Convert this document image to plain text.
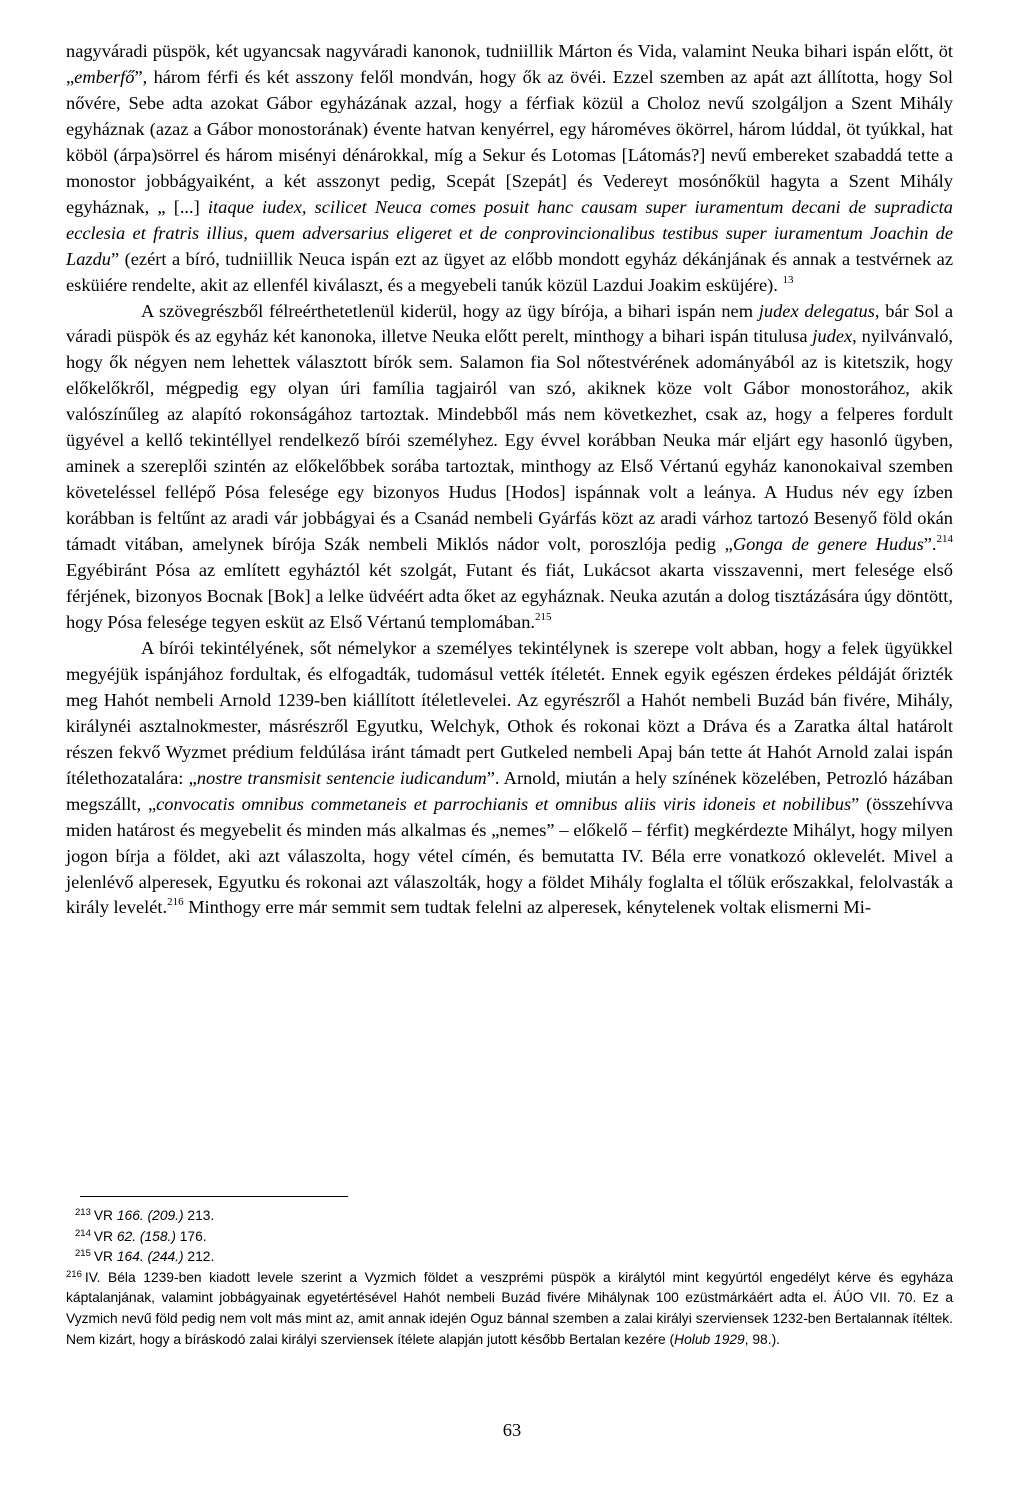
nagyváradi püspök, két ugyancsak nagyváradi kanonok, tudniillik Márton és Vida, valamint Neuka bihari ispán előtt, öt „emberfő”, három férfi és két asszony felől mondván, hogy ők az övéi. Ezzel szemben az apát azt állította, hogy Sol nővére, Sebe adta azokat Gábor egyházának azzal, hogy a férfiak közül a Choloz nevű szolgáljon a Szent Mihály egyháznak (azaz a Gábor monostorának) évente hatvan kenyérrel, egy hároméves ökörrel, három lúddal, öt tyúkkal, hat köböl (árpa)sörrel és három misényi dénárokkal, míg a Sekur és Lotomas [Látomás?] nevű embereket szabaddá tette a monostor jobbágyaiként, a két asszonyt pedig, Scepát [Szepát] és Vedereyt mosónőkül hagyta a Szent Mihály egyháznak, „ [...] itaque iudex, scilicet Neuca comes posuit hanc causam super iuramentum decani de supradicta ecclesia et fratris illius, quem adversarius eligeret et de conprovincionalibus testibus super iuramentum Joachin de Lazdu” (ezért a bíró, tudniillik Neuca ispán ezt az ügyet az előbb mondott egyház dékánjának és annak a testvérnek az esküiére rendelte, akit az ellenfél kiválaszt, és a megyebeli tanúk közül Lazdui Joakim esküjére). $^{13}$

A szövegrészből félreérthetetlenül kiderül, hogy az ügy bírója, a bihari ispán nem judex delegatus, bár Sol a váradi püspök és az egyház két kanonoka, illetve Neuka előtt perelt, minthogy a bihari ispán titulusa judex, nyilvánvaló, hogy ők négyen nem lehettek választott bírók sem. Salamon fia Sol nőtestvérének adományából az is kitetszik, hogy előkelőkről, mégpedig egy olyan úri família tagjairól van szó, akiknek köze volt Gábor monostorához, akik valószínűleg az alapító rokonságához tartoztak. Mindebből más nem következhet, csak az, hogy a felperes fordult ügyével a kellő tekintéllyel rendelkező bírói személyhez. Egy évvel korábban Neuka már eljárt egy hasonló ügyben, aminek a szereplői szintén az előkelőbbek sorába tartoztak, minthogy az Első Vértanú egyház kanonokaival szemben követeléssel fellépő Pósa felesége egy bizonyos Hudus [Hodos] ispánnak volt a leánya. A Hudus név egy ízben korábban is feltűnt az aradi vár jobbágyai és a Csanád nembeli Gyárfás közt az aradi várhoz tartozó Besenyő föld okán támadt vitában, amelynek bírója Szák nembeli Miklós nádor volt, poroszlója pedig „Gonga de genere Hudus”.$^{214}$ Egyébiránt Pósa az említett egyháztól két szolgát, Futant és fiát, Lukácsot akarta visszavenni, mert felesége első férjének, bizonyos Bocnak [Bok] a lelke üdvéért adta őket az egyháznak. Neuka azután a dolog tisztázására úgy döntött, hogy Pósa felesége tegyen esküt az Első Vértanú templomában.$^{215}$

A bírói tekintélyének, sőt némelykor a személyes tekintélynek is szerepe volt abban, hogy a felek ügyükkel megyéjük ispánjához fordultak, és elfogadták, tudomásul vették ítéletét. Ennek egyik egészen érdekes példáját őrizték meg Hahót nembeli Arnold 1239-ben kiállított ítéletlevelei. Az egyrészről a Hahót nembeli Buzád bán fivére, Mihály, királynéi asztalnokmester, másrészről Egyutku, Welchyk, Othok és rokonai közt a Dráva és a Zaratka által határolt részen fekvő Wyzmet prédium feldúlása iránt támadt pert Gutkeled nembeli Apaj bán tette át Hahót Arnold zalai ispán ítélethozatalára: „nostre transmisit sentencie iudicandum”. Arnold, miután a hely színének közelében, Petrozló házában megszállt, „convocatis omnibus commetaneis et parrochianis et omnibus aliis viris idoneis et nobilibus” (összehívva miden határost és megyebelit és minden más alkalmas és „nemes” – előkelő – férfit) megkérdezte Mihályt, hogy milyen jogon bírja a földet, aki azt válaszolta, hogy vétel címén, és bemutatta IV. Béla erre vonatkozó oklevelét. Mivel a jelenlévő alperesek, Egyutku és rokonai azt válaszolták, hogy a földet Mihály foglalta el tőlük erőszakkal, felolvasták a király levelét.$^{216}$ Minthogy erre már semmit sem tudtak felelni az alperesek, kénytelenek voltak elismerni Mi-

$^{213}$ VR 166. (209.) 213.

$^{214}$ VR 62. (158.) 176.

$^{215}$ VR 164. (244.) 212.

$^{216}$ IV. Béla 1239-ben kiadott levele szerint a Vyzmich földet a veszprémi püspök a királytól mint kegyúrtól engedélyt kérve és egyháza káptalanjának, valamint jobbágyainak egyetértésével Hahót nembeli Buzád fivére Mihálynak 100 ezüstmárkáért adta el. ÁÚO VII. 70. Ez a Vyzmich nevű föld pedig nem volt más mint az, amit annak idején Oguz bánnal szemben a zalai királyi szerviensek 1232-ben Bertalannak ítéltek. Nem kizárt, hogy a bíráskodó zalai királyi szerviensek ítélete alapján jutott később Bertalan kezére (Holub 1929, 98.).

63
